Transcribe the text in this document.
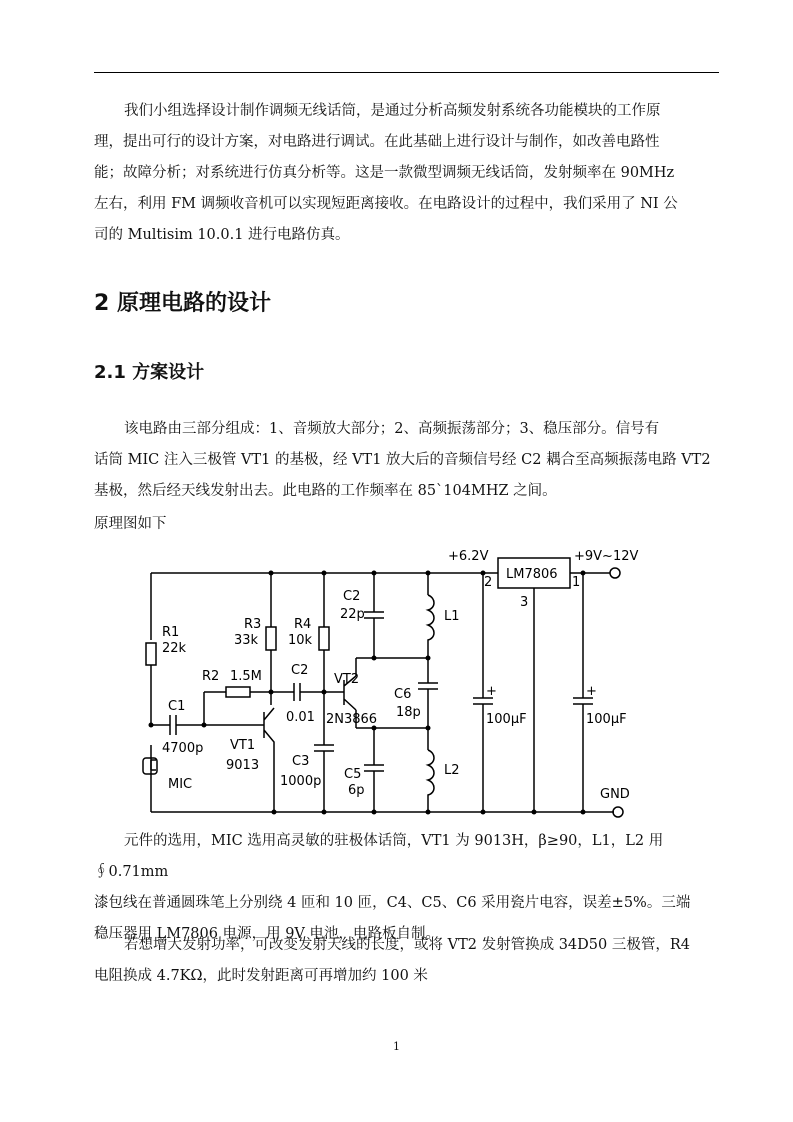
我们小组选择设计制作调频无线话筒，是通过分析高频发射系统各功能模块的工作原
理，提出可行的设计方案，对电路进行调试。在此基础上进行设计与制作，如改善电路性
能；故障分析；对系统进行仿真分析等。这是一款微型调频无线话筒，发射频率在 90MHz
左右，利用 FM 调频收音机可以实现短距离接收。在电路设计的过程中，我们采用了 NI 公
司的 Multisim 10.0.1 进行电路仿真。

2 原理电路的设计
2.1 方案设计

该电路由三部分组成：1、音频放大部分；2、高频振荡部分；3、稳压部分。信号有
话筒 MIC 注入三极管 VT1 的基极，经 VT1 放大后的音频信号经 C2 耦合至高频振荡电路 VT2
基极，然后经天线发射出去。此电路的工作频率在 85`104MHZ 之间。

原理图如下

R1
22k
R2 1.5M
R3
33k
R4
10k
C1
4700p
C2
0.01
VT1
9013	C3
1000p
VT2
2N3866
C2
22p	L1
C6
18p
C5
6p
L2
MIC
+6.2V
LM7806
1
2
3
+9V~12V
100μF	100μF
GND
+	+

元件的选用，MIC 选用高灵敏的驻极体话筒，VT1 为 9013H，β≥90，L1，L2 用∮0.71mm
漆包线在普通圆珠笔上分别绕 4 匝和 10 匝，C4、C5、C6 采用瓷片电容，误差±5%。三端
稳压器用 LM7806 电源，用 9V 电池，电路板自制。

若想增大发射功率，可改变发射天线的长度，或将 VT2 发射管换成 34D50 三极管，R4
电阻换成 4.7KΩ，此时发射距离可再增加约 100 米

1
